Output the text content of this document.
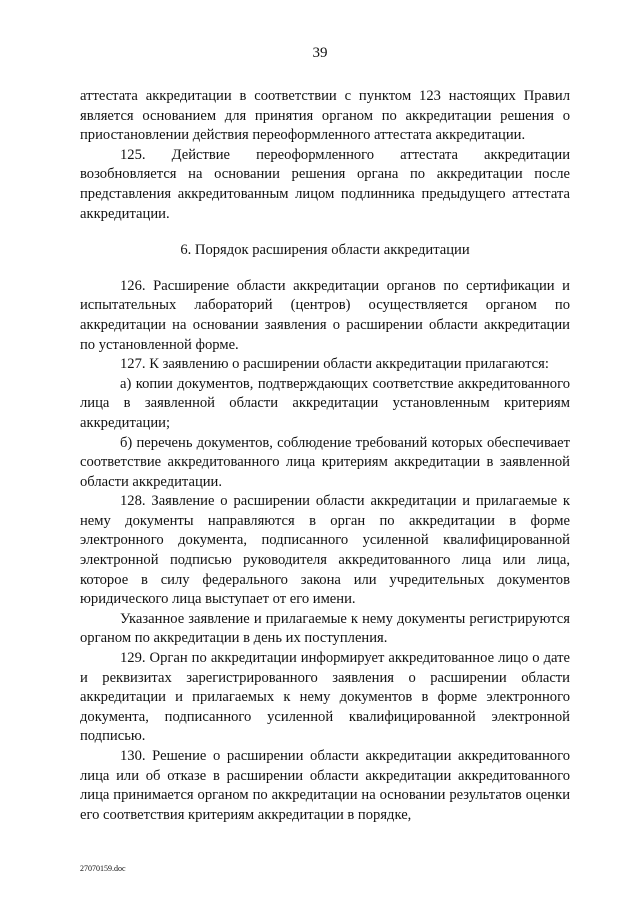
39

аттестата аккредитации в соответствии с пунктом 123 настоящих Правил является основанием для принятия органом по аккредитации решения о приостановлении действия переоформленного аттестата аккредитации.

125. Действие переоформленного аттестата аккредитации возобновляется на основании решения органа по аккредитации после представления аккредитованным лицом подлинника предыдущего аттестата аккредитации.

6. Порядок расширения области аккредитации

126. Расширение области аккредитации органов по сертификации и испытательных лабораторий (центров) осуществляется органом по аккредитации на основании заявления о расширении области аккредитации по установленной форме.

127. К заявлению о расширении области аккредитации прилагаются:

а) копии документов, подтверждающих соответствие аккредитованного лица в заявленной области аккредитации установленным критериям аккредитации;

б) перечень документов, соблюдение требований которых обеспечивает соответствие аккредитованного лица критериям аккредитации в заявленной области аккредитации.

128. Заявление о расширении области аккредитации и прилагаемые к нему документы направляются в орган по аккредитации в форме электронного документа, подписанного усиленной квалифицированной электронной подписью руководителя аккредитованного лица или лица, которое в силу федерального закона или учредительных документов юридического лица выступает от его имени.

Указанное заявление и прилагаемые к нему документы регистрируются органом по аккредитации в день их поступления.

129. Орган по аккредитации информирует аккредитованное лицо о дате и реквизитах зарегистрированного заявления о расширении области аккредитации и прилагаемых к нему документов в форме электронного документа, подписанного усиленной квалифицированной электронной подписью.

130. Решение о расширении области аккредитации аккредитованного лица или об отказе в расширении области аккредитации аккредитованного лица принимается органом по аккредитации на основании результатов оценки его соответствия критериям аккредитации в порядке,

27070159.doc
